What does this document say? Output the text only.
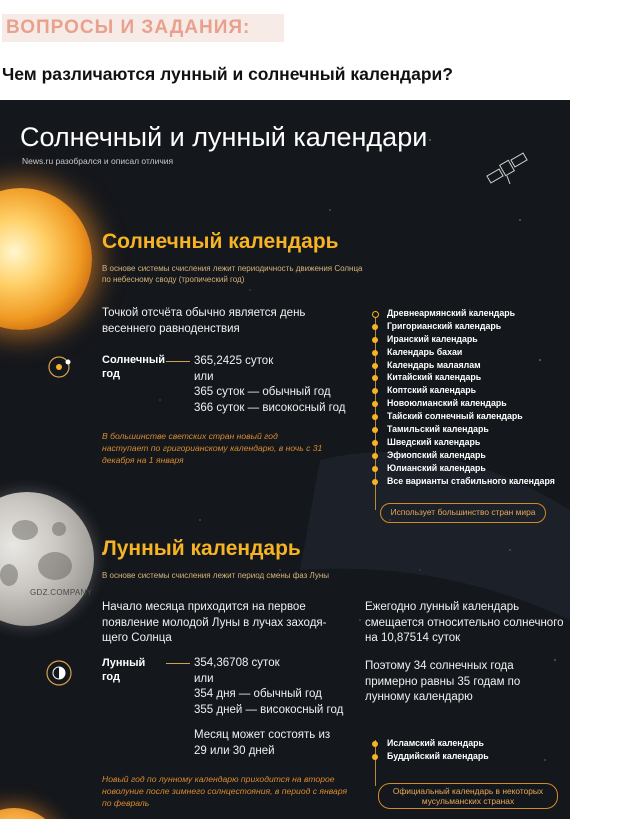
ВОПРОСЫ И ЗАДАНИЯ:
Чем различаются лунный и солнечный календари?
GDZ.COMPANY
Солнечный и лунный календари
News.ru разобрался и описал отличия
Солнечный календарь
В основе системы счисления лежит периодичность движения Солнца по небесному своду (тропический год)
Точкой отсчёта обычно является день весеннего равноденствия
Солнечный год
365,2425 суток
или
365 суток — обычный год
366 суток — високосный год
В большинстве светских стран новый год наступает по григорианскому календарю, в ночь с 31 декабря на 1 января
Древнеармянский календарь
Григорианский календарь
Иранский календарь
Календарь бахаи
Календарь малаялам
Китайский календарь
Коптский календарь
Новоюлианский календарь
Тайский солнечный календарь
Тамильский календарь
Шведский календарь
Эфиопский календарь
Юлианский календарь
Все варианты стабильного календаря
Использует большинство стран мира
Лунный календарь
В основе системы счисления лежит период смены фаз Луны
Начало месяца приходится на первое появление молодой Луны в лучах заходя-щего Солнца
Ежегодно лунный календарь смещается относительно солнечного на 10,87514 суток
Поэтому 34 солнечных года примерно равны 35 годам по лунному календарю
Лунный год
354,36708 суток
или
354 дня — обычный год
355 дней — високосный год
Месяц может состоять из 29 или 30 дней
Новый год по лунному календарю приходится на второе новолуние после зимнего солнцестояния, в период с января по февраль
Исламский календарь
Буддийский календарь
Официальный календарь в некоторых мусульманских странах
